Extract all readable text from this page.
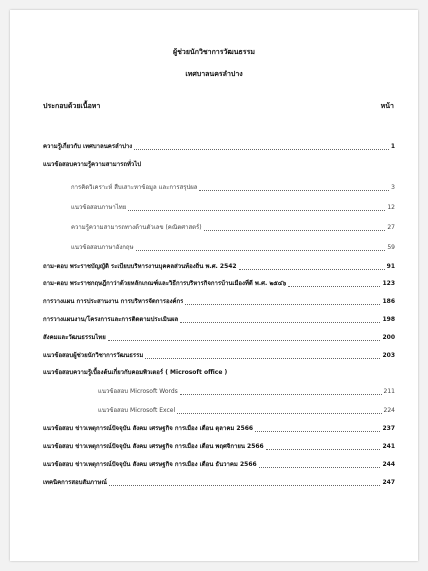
ผู้ช่วยนักวิชาการวัฒนธรรม
เทศบาลนครลำปาง
ประกอบด้วยเนื้อหา	หน้า
ความรู้เกี่ยวกับ เทศบาลนครลำปาง	1
แนวข้อสอบความรู้ความสามารถทั่วไป
การคิดวิเคราะห์ สืบเสาะหาข้อมูล และการสรุปผล	3
แนวข้อสอบภาษาไทย	12
ความรู้ความสามารถทางด้านตัวเลข (คณิตศาสตร์)	27
แนวข้อสอบภาษาอังกฤษ	59
ถาม-ตอบ พระราชบัญญัติ ระเบียบบริหารงานบุคคลส่วนท้องถิ่น พ.ศ. 2542	91
ถาม-ตอบ พระราชกฤษฎีกาว่าด้วยหลักเกณฑ์และวิธีการบริหารกิจการบ้านเมืองที่ดี พ.ศ. ๒๕๔๖	123
การวางแผน การประสานงาน การบริหารจัดการองค์กร	186
การวางแผนงาน/โครงการและการติดตามประเมินผล	198
สังคมและวัฒนธรรมไทย	200
แนวข้อสอบผู้ช่วยนักวิชาการวัฒนธรรม	203
แนวข้อสอบความรู้เบื้องต้นเกี่ยวกับคอมพิวเตอร์ ( Microsoft office )
แนวข้อสอบ Microsoft Words	211
แนวข้อสอบ Microsoft Excel	224
แนวข้อสอบ ข่าวเหตุการณ์ปัจจุบัน สังคม เศรษฐกิจ การเมือง เดือน ตุลาคม 2566	237
แนวข้อสอบ ข่าวเหตุการณ์ปัจจุบัน สังคม เศรษฐกิจ การเมือง เดือน พฤศจิกายน 2566	241
แนวข้อสอบ ข่าวเหตุการณ์ปัจจุบัน สังคม เศรษฐกิจ การเมือง เดือน ธันวาคม 2566	244
เทคนิคการสอบสัมภาษณ์	247
